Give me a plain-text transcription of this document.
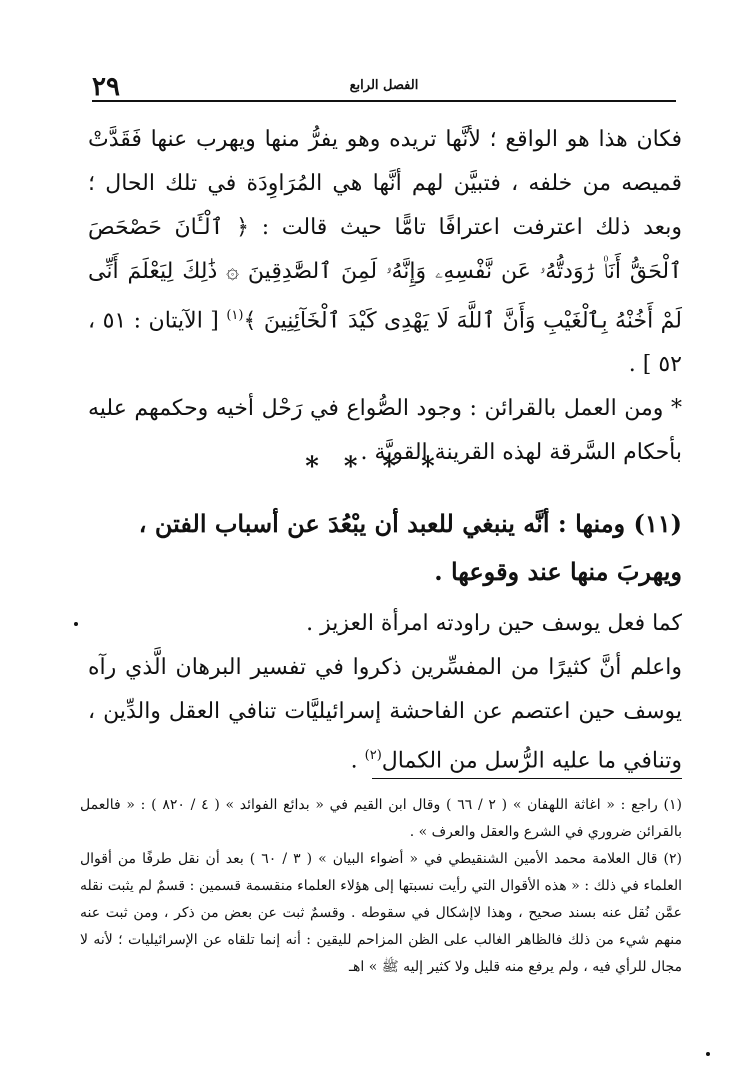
٢٩	الفصل الرابع

فكان هذا هو الواقع ؛ لأنَّها تريده وهو يفرُّ منها ويهرب عنها فَقَدَّتْ قميصه من خلفه ، فتبيَّن لهم أنَّها هي المُرَاوِدَة في تلك الحال ؛ وبعد ذلك اعترفت اعترافًا تامًّا حيث قالت : ﴿ ٱلْـَٔانَ حَصْحَصَ ٱلْحَقُّ أَنَا۠ رَٰوَدتُّهُۥ عَن نَّفْسِهِۦ وَإِنَّهُۥ لَمِنَ ٱلصَّٰدِقِينَ ۞ ذَٰلِكَ لِيَعْلَمَ أَنِّى لَمْ أَخُنْهُ بِٱلْغَيْبِ وَأَنَّ ٱللَّهَ لَا يَهْدِى كَيْدَ ٱلْخَآئِنِينَ ﴾$^{(١)}$ [ الآيتان : ٥١ ، ٥٢ ] .

* ومن العمل بالقرائن : وجود الصُّواع في رَحْل أخيه وحكمهم عليه بأحكام السَّرقة لهذه القرينة القويَّة .

* * * *
(١١) ومنها : أنَّه ينبغي للعبد أن يبْعُدَ عن أسباب الفتن ، ويهربَ منها عند وقوعها .

كما فعل يوسف حين راودته امرأة العزيز .

واعلم أنَّ كثيرًا من المفسِّرين ذكروا في تفسير البرهان الَّذي رآه يوسف حين اعتصم عن الفاحشة إسرائيليَّات تنافي العقل والدِّين ، وتنافي ما عليه الرُّسل من الكمال$^{(٢)}$ .

(١) راجع : « اغاثة اللهفان » ( ٢ / ٦٦ ) وقال ابن القيم في « بدائع الفوائد » ( ٤ / ٨٢٠ ) : « فالعمل بالقرائن ضروري في الشرع والعقل والعرف » .

(٢) قال العلامة محمد الأمين الشنقيطي في « أضواء البيان » ( ٣ / ٦٠ ) بعد أن نقل طرفًا من أقوال العلماء في ذلك : « هذه الأقوال التي رأيت نسبتها إلى هؤلاء العلماء منقسمة قسمين : قسمٌ لم يثبت نقله عمَّن نُقل عنه بسند صحيح ، وهذا لاإشكال في سقوطه . وقسمٌ ثبت عن بعض من ذكر ، ومن ثبت عنه منهم شيء من ذلك فالظاهر الغالب على الظن المزاحم لليقين : أنه إنما تلقاه عن الإسرائيليات ؛ لأنه لا مجال للرأي فيه ، ولم يرفع منه قليل ولا كثير إليه ﷺ » اهـ
